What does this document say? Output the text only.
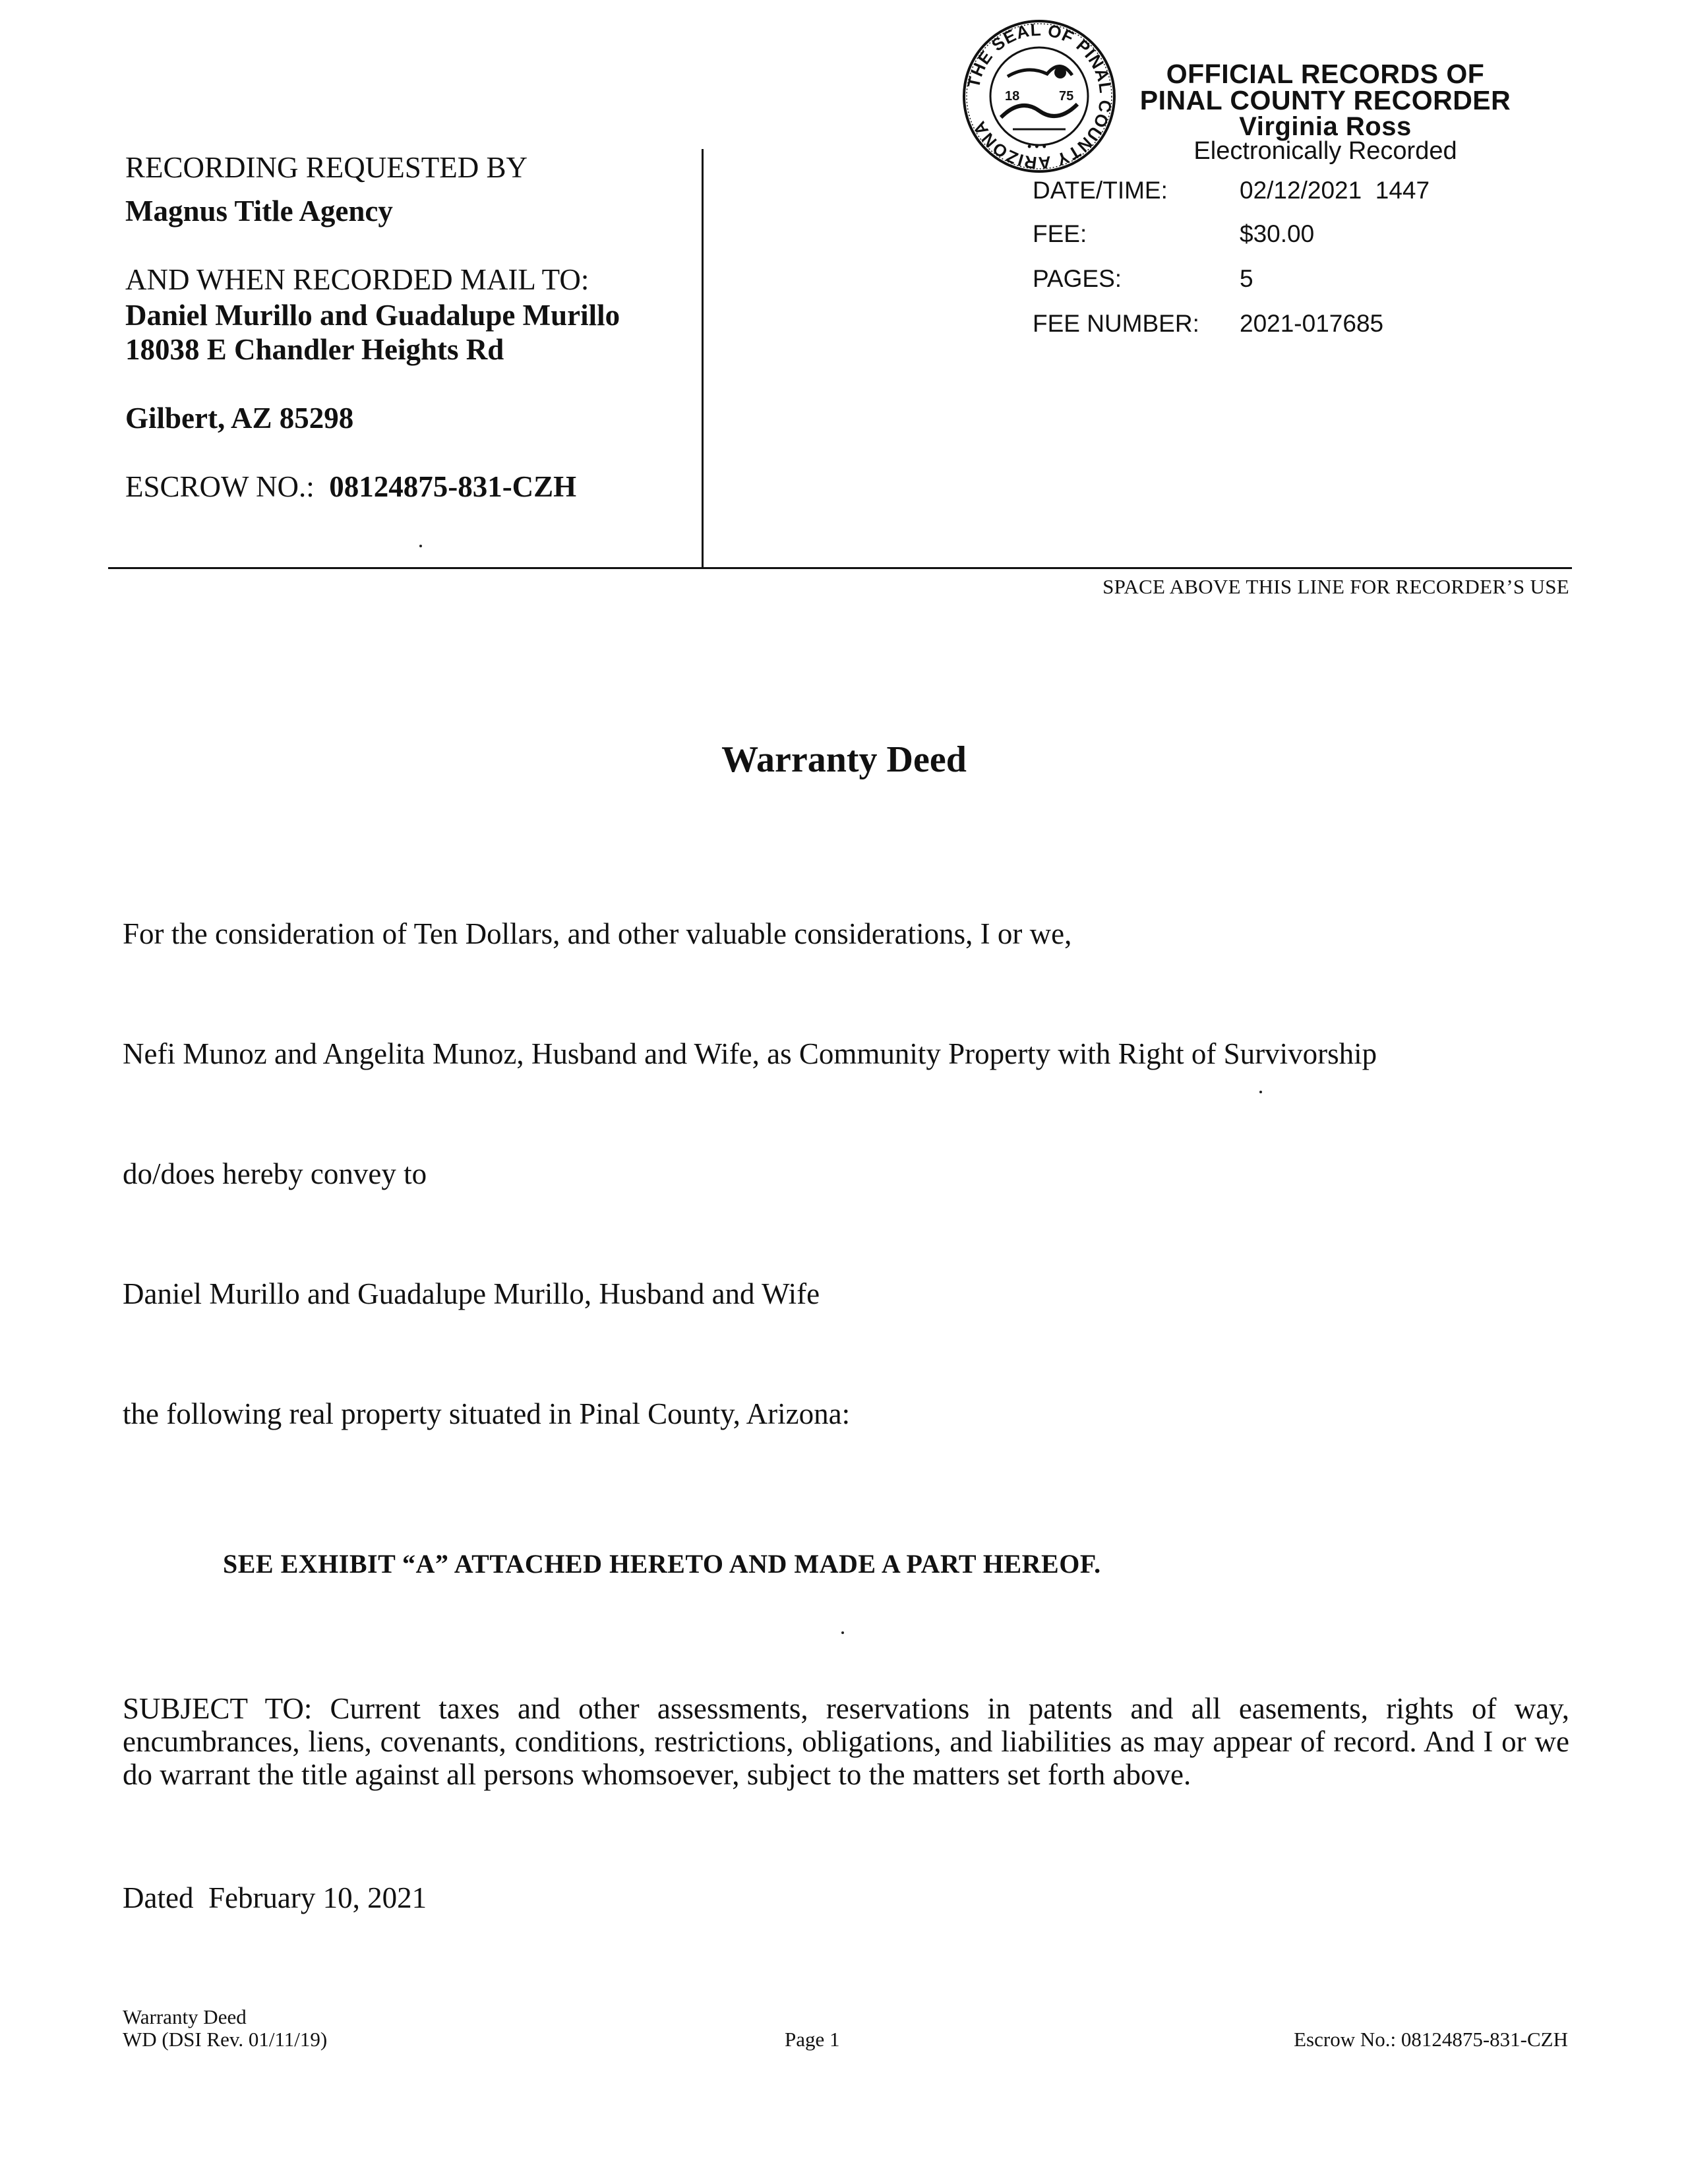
RECORDING REQUESTED BY
Magnus Title Agency
AND WHEN RECORDED MAIL TO:
Daniel Murillo and Guadalupe Murillo
18038 E Chandler Heights Rd
Gilbert, AZ 85298
ESCROW NO.: 08124875-831-CZH
THE SEAL OF PINAL COUNTY ARIZONA
18	75
• • •
OFFICIAL RECORDS OF
PINAL COUNTY RECORDER
Virginia Ross
Electronically Recorded
DATE/TIME:	02/12/2021  1447
FEE:	$30.00
PAGES:	5
FEE NUMBER: 2021-017685
SPACE ABOVE THIS LINE FOR RECORDER’S USE
Warranty Deed
For the consideration of Ten Dollars, and other valuable considerations, I or we,
Nefi Munoz and Angelita Munoz, Husband and Wife, as Community Property with Right of Survivorship
do/does hereby convey to
Daniel Murillo and Guadalupe Murillo, Husband and Wife
the following real property situated in Pinal County, Arizona:
SEE EXHIBIT “A” ATTACHED HERETO AND MADE A PART HEREOF.
SUBJECT TO: Current taxes and other assessments, reservations in patents and all easements, rights of way, encumbrances, liens, covenants, conditions, restrictions, obligations, and liabilities as may appear of record. And I or we do warrant the title against all persons whomsoever, subject to the matters set forth above.
Dated  February 10, 2021
Warranty Deed
WD (DSI Rev. 01/11/19)	Page 1	Escrow No.: 08124875-831-CZH
